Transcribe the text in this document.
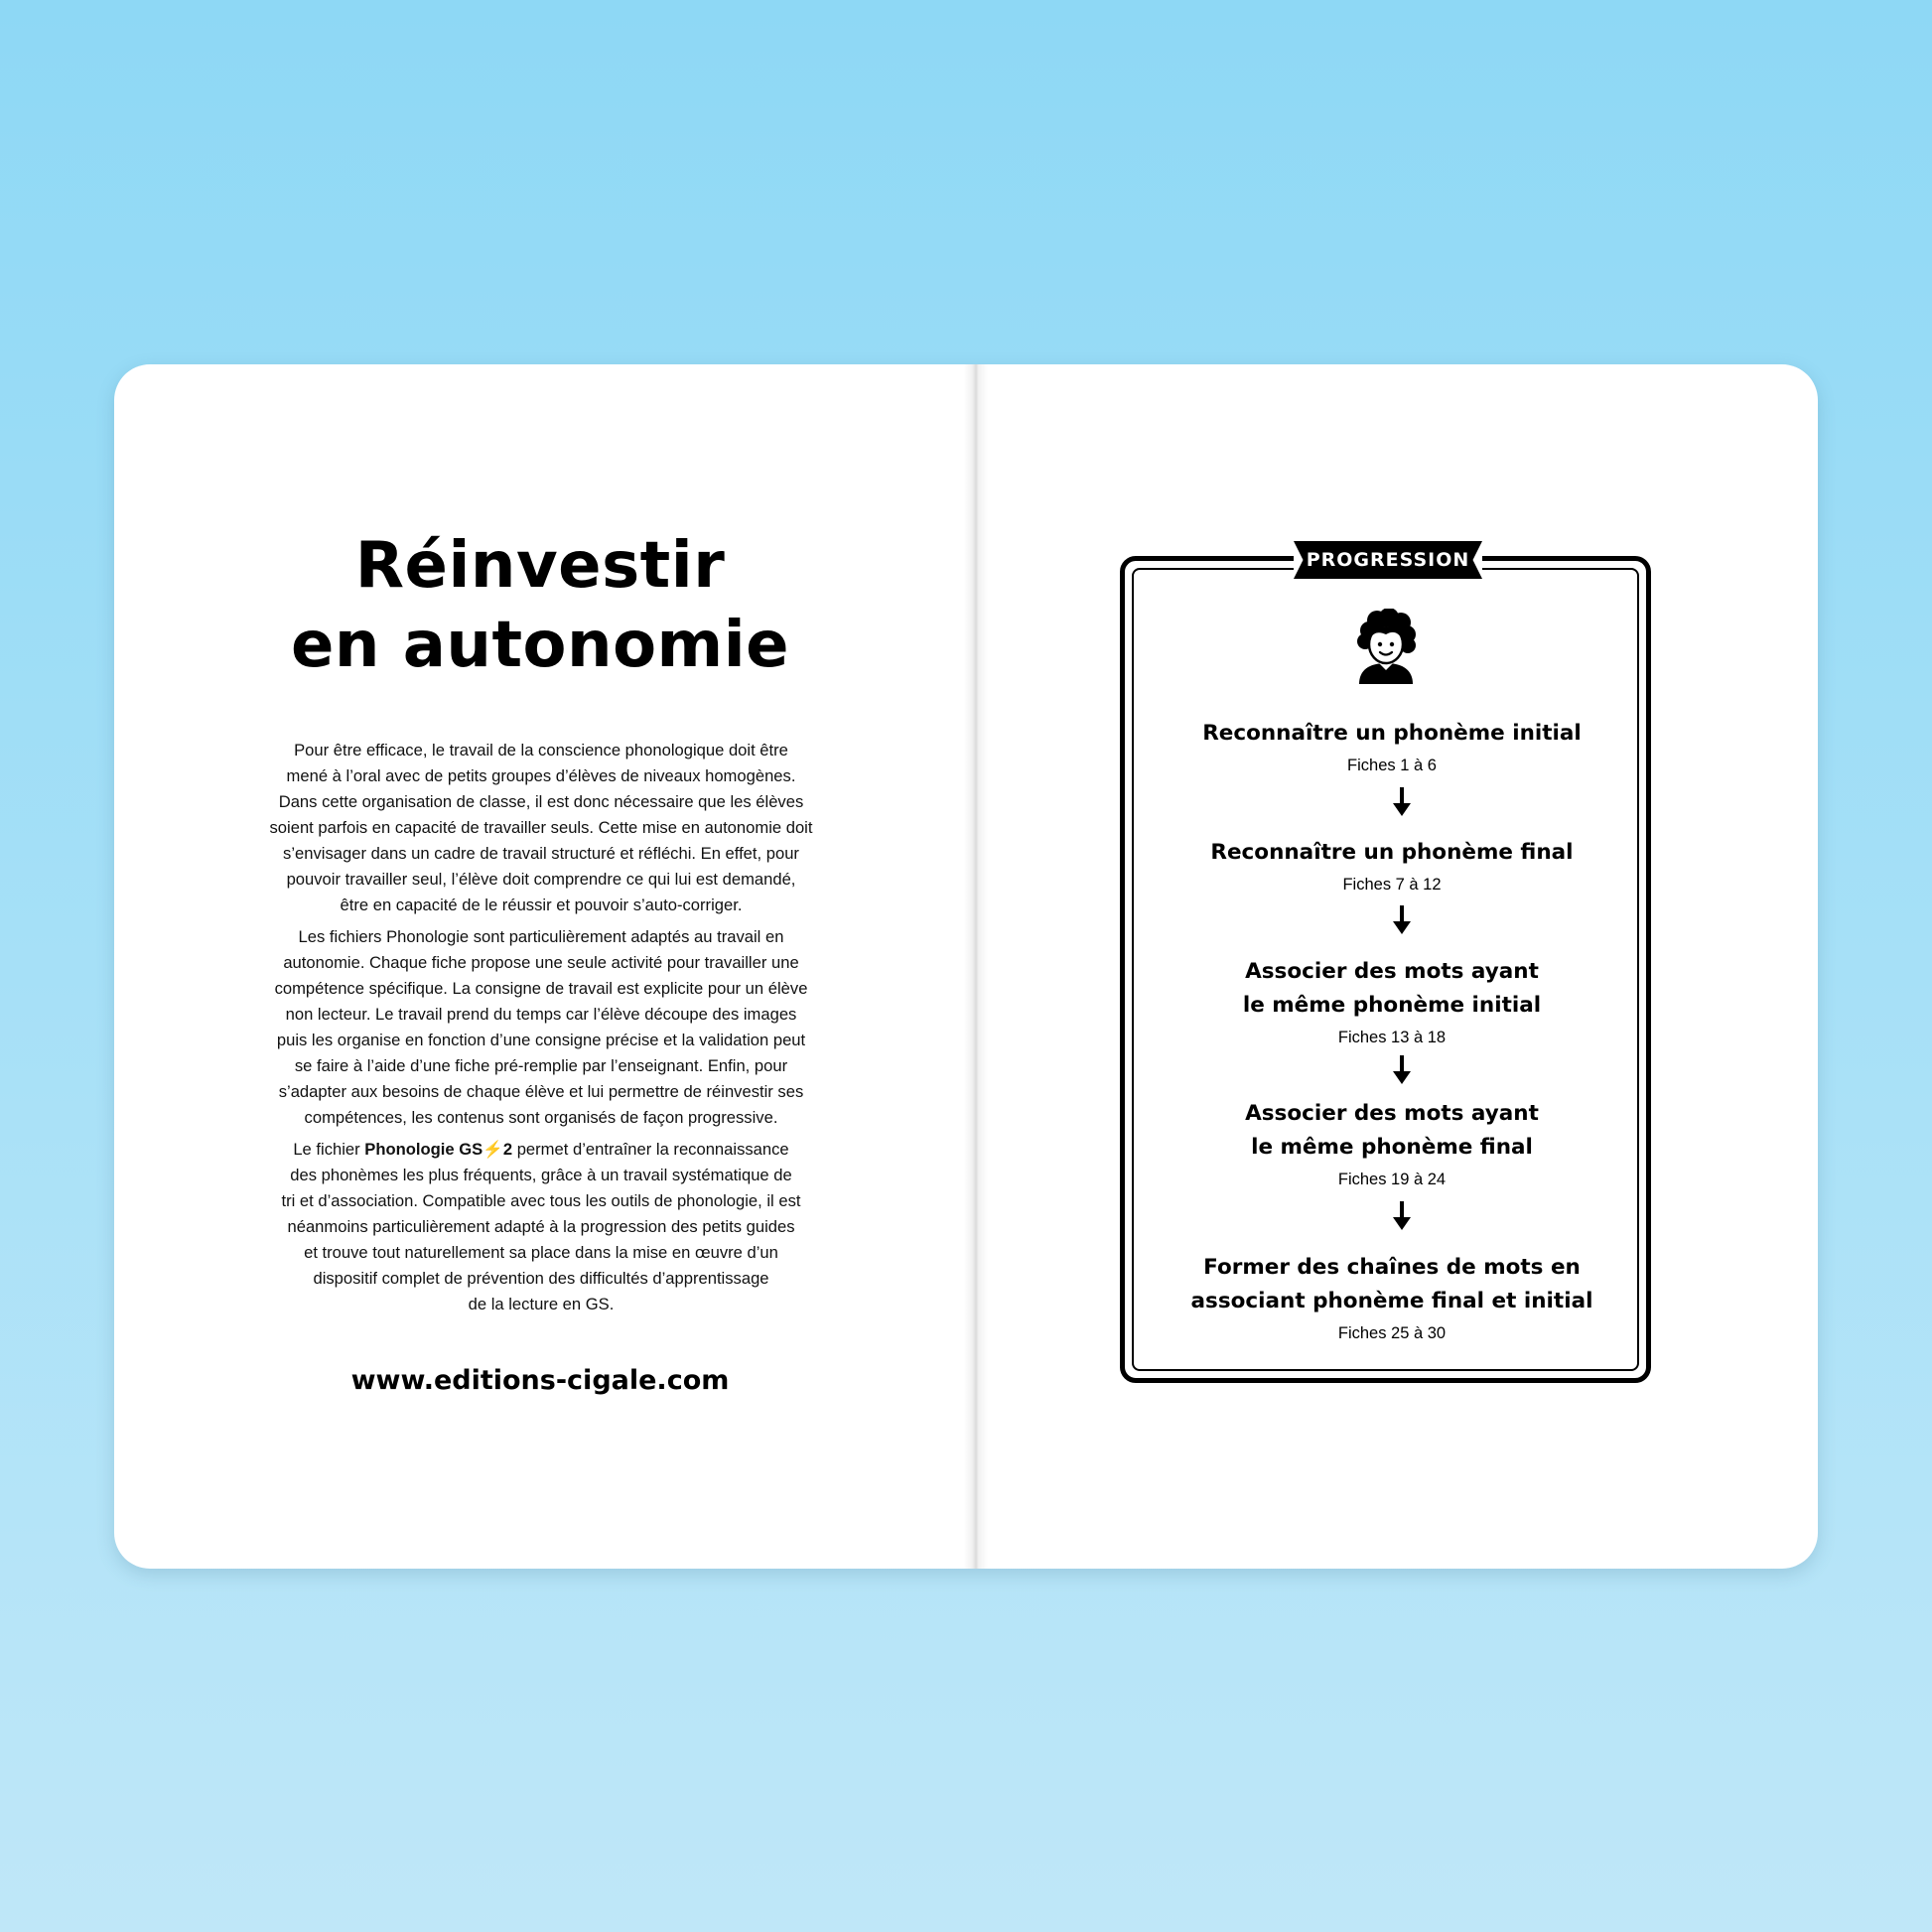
Réinvestir
en autonomie

Pour être efficace, le travail de la conscience phonologique doit être
mené à l’oral avec de petits groupes d’élèves de niveaux homogènes.
Dans cette organisation de classe, il est donc nécessaire que les élèves
soient parfois en capacité de travailler seuls. Cette mise en autonomie doit
s’envisager dans un cadre de travail structuré et réfléchi. En effet, pour
pouvoir travailler seul, l’élève doit comprendre ce qui lui est demandé,
être en capacité de le réussir et pouvoir s’auto-corriger.

Les fichiers Phonologie sont particulièrement adaptés au travail en
autonomie. Chaque fiche propose une seule activité pour travailler une
compétence spécifique. La consigne de travail est explicite pour un élève
non lecteur. Le travail prend du temps car l’élève découpe des images
puis les organise en fonction d’une consigne précise et la validation peut
se faire à l’aide d’une fiche pré-remplie par l’enseignant. Enfin, pour
s’adapter aux besoins de chaque élève et lui permettre de réinvestir ses
compétences, les contenus sont organisés de façon progressive.

Le fichier Phonologie GS⚡2 permet d’entraîner la reconnaissance
des phonèmes les plus fréquents, grâce à un travail systématique de
tri et d’association. Compatible avec tous les outils de phonologie, il est
néanmoins particulièrement adapté à la progression des petits guides
et trouve tout naturellement sa place dans la mise en œuvre d’un
dispositif complet de prévention des difficultés d’apprentissage
de la lecture en GS.

www.editions-cigale.com
PROGRESSION
Reconnaître un phonème initial
Fiches 1 à 6
Reconnaître un phonème final
Fiches 7 à 12
Associer des mots ayant
le même phonème initial
Fiches 13 à 18
Associer des mots ayant
le même phonème final
Fiches 19 à 24
Former des chaînes de mots en
associant phonème final et initial
Fiches 25 à 30
